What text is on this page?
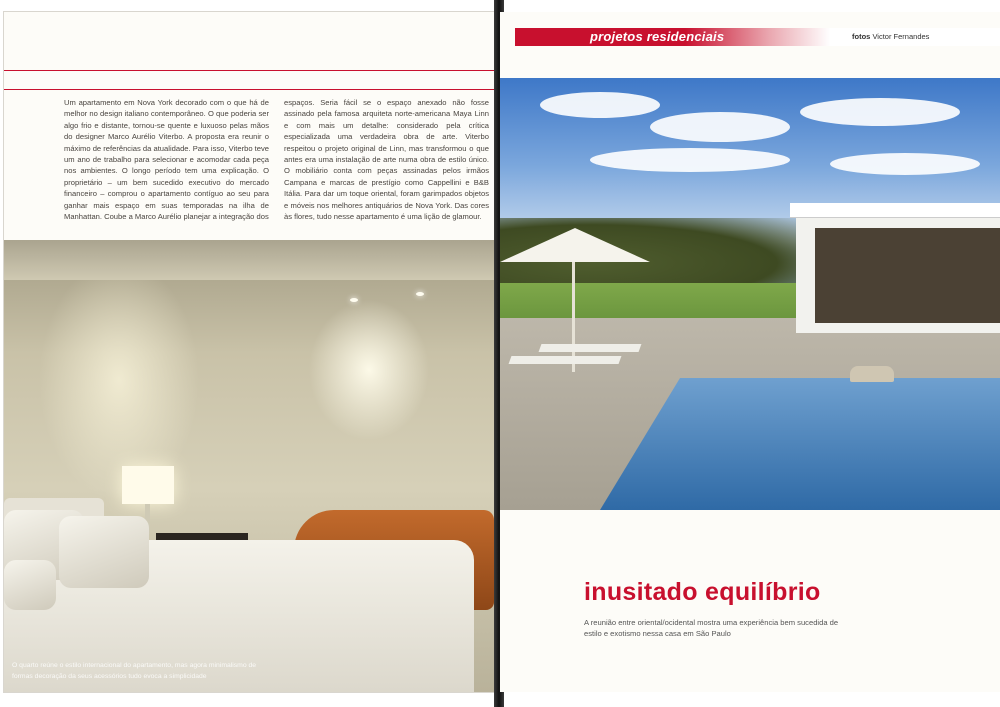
Um apartamento em Nova York decorado com o que há de melhor no design italiano contemporâneo. O que poderia ser algo frio e distante, tornou-se quente e luxuoso pelas mãos do designer Marco Aurélio Viterbo. A proposta era reunir o máximo de referências da atualidade. Para isso, Viterbo teve um ano de trabalho para selecionar e acomodar cada peça nos ambientes. O longo período tem uma explicação. O proprietário – um bem sucedido executivo do mercado financeiro – comprou o apartamento contíguo ao seu para ganhar mais espaço em suas temporadas na ilha de Manhattan. Coube a Marco Aurélio planejar a integração dos

espaços. Seria fácil se o espaço anexado não fosse assinado pela famosa arquiteta norte-americana Maya Linn e com mais um detalhe: considerado pela crítica especializada uma verdadeira obra de arte. Viterbo respeitou o projeto original de Linn, mas transformou o que antes era uma instalação de arte numa obra de estilo único. O mobiliário conta com peças assinadas pelos irmãos Campana e marcas de prestígio como Cappellini e B&B Itália. Para dar um toque oriental, foram garimpados objetos e móveis nos melhores antiquários de Nova York. Das cores às flores, tudo nesse apartamento é uma lição de glamour.

O quarto reúne o estilo internacional do apartamento, mas agora minimalismo de formas decoração da seus acessórios tudo evoca a simplicidade

projetos residenciais	fotos Victor Fernandes

inusitado equilíbrio

A reunião entre oriental/ocidental mostra uma experiência bem sucedida de estilo e exotismo nessa casa em São Paulo
